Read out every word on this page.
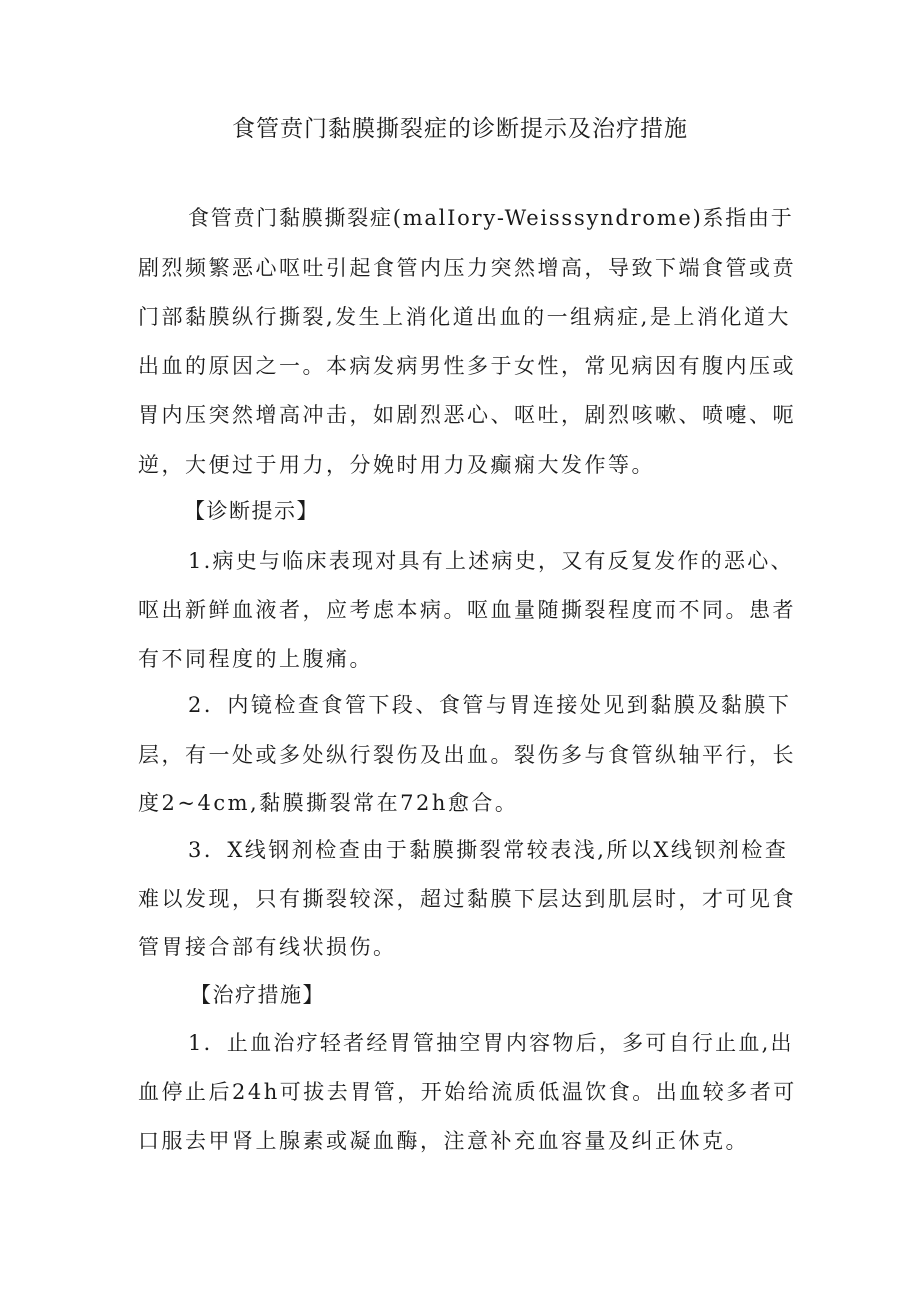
食管贲门黏膜撕裂症的诊断提示及治疗措施
食管贲门黏膜撕裂症(malIory-Weisssyndrome)系指由于
剧烈频繁恶心呕吐引起食管内压力突然增高，导致下端食管或贲
门部黏膜纵行撕裂,发生上消化道出血的一组病症,是上消化道大
出血的原因之一。本病发病男性多于女性，常见病因有腹内压或
胃内压突然增高冲击，如剧烈恶心、呕吐，剧烈咳嗽、喷嚏、呃
逆，大便过于用力，分娩时用力及癫痫大发作等。
【诊断提示】
1.病史与临床表现对具有上述病史，又有反复发作的恶心、
呕出新鲜血液者，应考虑本病。呕血量随撕裂程度而不同。患者
有不同程度的上腹痛。
2．内镜检查食管下段、食管与胃连接处见到黏膜及黏膜下
层，有一处或多处纵行裂伤及出血。裂伤多与食管纵轴平行，长
度2~4cm,黏膜撕裂常在72h愈合。
3．X线钢剂检查由于黏膜撕裂常较表浅,所以X线钡剂检查
难以发现，只有撕裂较深，超过黏膜下层达到肌层时，才可见食
管胃接合部有线状损伤。
【治疗措施】
1．止血治疗轻者经胃管抽空胃内容物后，多可自行止血,出
血停止后24h可拔去胃管，开始给流质低温饮食。出血较多者可
口服去甲肾上腺素或凝血酶，注意补充血容量及纠正休克。
